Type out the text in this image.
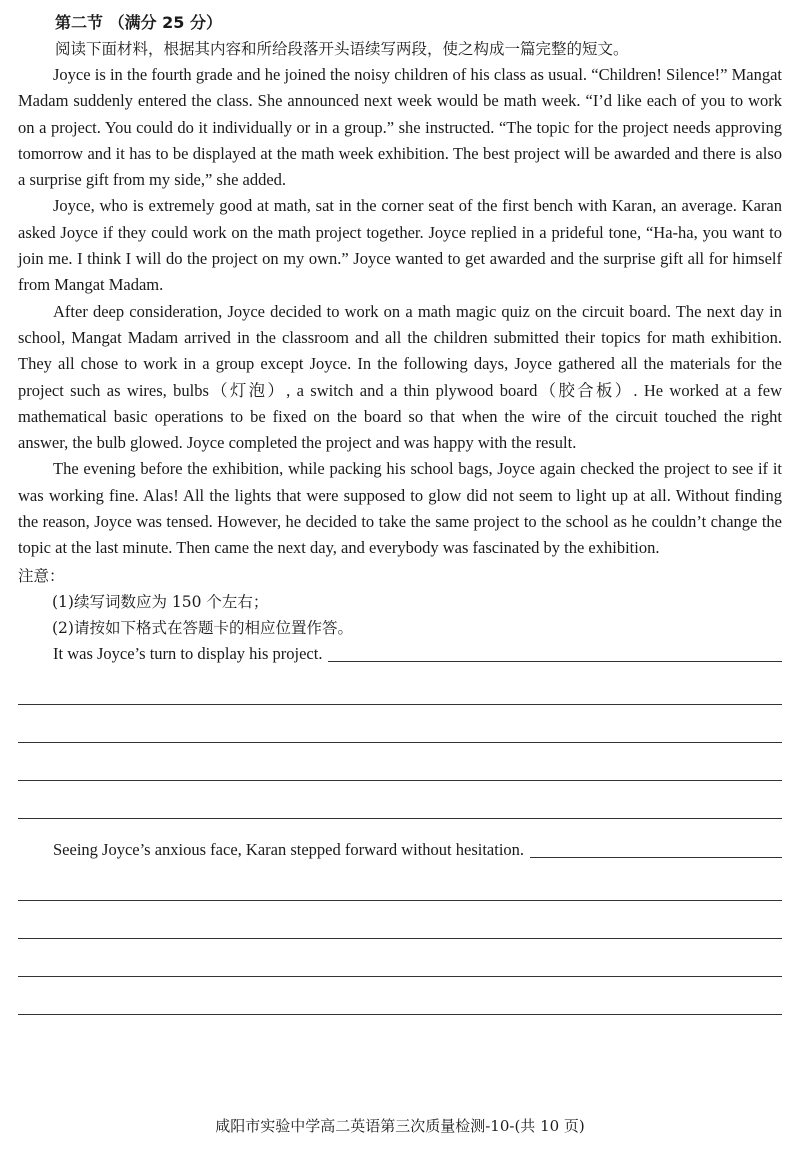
第二节 （满分 25 分）
阅读下面材料，根据其内容和所给段落开头语续写两段，使之构成一篇完整的短文。

Joyce is in the fourth grade and he joined the noisy children of his class as usual. “Children! Silence!” Mangat Madam suddenly entered the class. She announced next week would be math week. “I’d like each of you to work on a project. You could do it individually or in a group.” she instructed. “The topic for the project needs approving tomorrow and it has to be displayed at the math week exhibition. The best project will be awarded and there is also a surprise gift from my side,” she added.

Joyce, who is extremely good at math, sat in the corner seat of the first bench with Karan, an average. Karan asked Joyce if they could work on the math project together. Joyce replied in a prideful tone, “Ha-ha, you want to join me. I think I will do the project on my own.” Joyce wanted to get awarded and the surprise gift all for himself from Mangat Madam.

After deep consideration, Joyce decided to work on a math magic quiz on the circuit board. The next day in school, Mangat Madam arrived in the classroom and all the children submitted their topics for math exhibition. They all chose to work in a group except Joyce. In the following days, Joyce gathered all the materials for the project such as wires, bulbs（灯泡）, a switch and a thin plywood board（胶合板）. He worked at a few mathematical basic operations to be fixed on the board so that when the wire of the circuit touched the right answer, the bulb glowed. Joyce completed the project and was happy with the result.

The evening before the exhibition, while packing his school bags, Joyce again checked the project to see if it was working fine. Alas! All the lights that were supposed to glow did not seem to light up at all. Without finding the reason, Joyce was tensed. However, he decided to take the same project to the school as he couldn’t change the topic at the last minute. Then came the next day, and everybody was fascinated by the exhibition.

注意：
(1)续写词数应为 150 个左右；
(2)请按如下格式在答题卡的相应位置作答。
It was Joyce’s turn to display his project.
Seeing Joyce’s anxious face, Karan stepped forward without hesitation.
咸阳市实验中学高二英语第三次质量检测-10-(共 10 页)
